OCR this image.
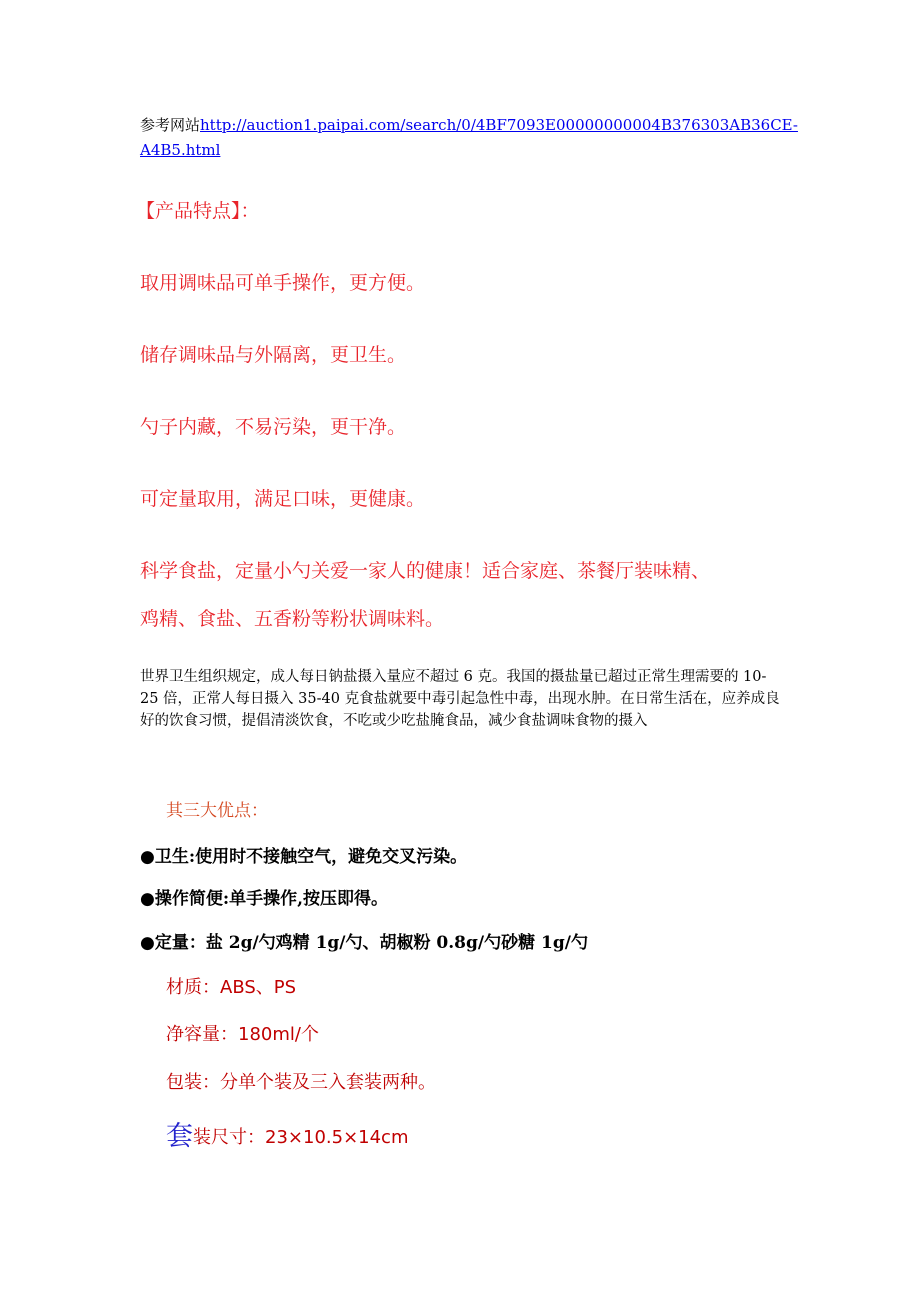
参考网站http://auction1.paipai.com/search/0/4BF7093E00000000004B376303AB36CE-
A4B5.html
【产品特点】：
取用调味品可单手操作，更方便。
储存调味品与外隔离，更卫生。
勺子内藏，不易污染，更干净。
可定量取用，满足口味，更健康。
科学食盐，定量小勺关爱一家人的健康！适合家庭、茶餐厅装味精、
鸡精、食盐、五香粉等粉状调味料。
世界卫生组织规定，成人每日钠盐摄入量应不超过 6 克。我国的摄盐量已超过正常生理需要的 10-25 倍，正常人每日摄入 35-40 克食盐就要中毒引起急性中毒，出现水肿。在日常生活在，应养成良好的饮食习惯，提倡清淡饮食，不吃或少吃盐腌食品，减少食盐调味食物的摄入
其三大优点：
●卫生:使用时不接触空气，避免交叉污染。
●操作简便:单手操作,按压即得。
●定量：盐 2g/勺鸡精 1g/勺、胡椒粉 0.8g/勺砂糖 1g/勺
材质：ABS、PS
净容量：180ml/个
包装：分单个装及三入套装两种。
套装尺寸：23×10.5×14cm
